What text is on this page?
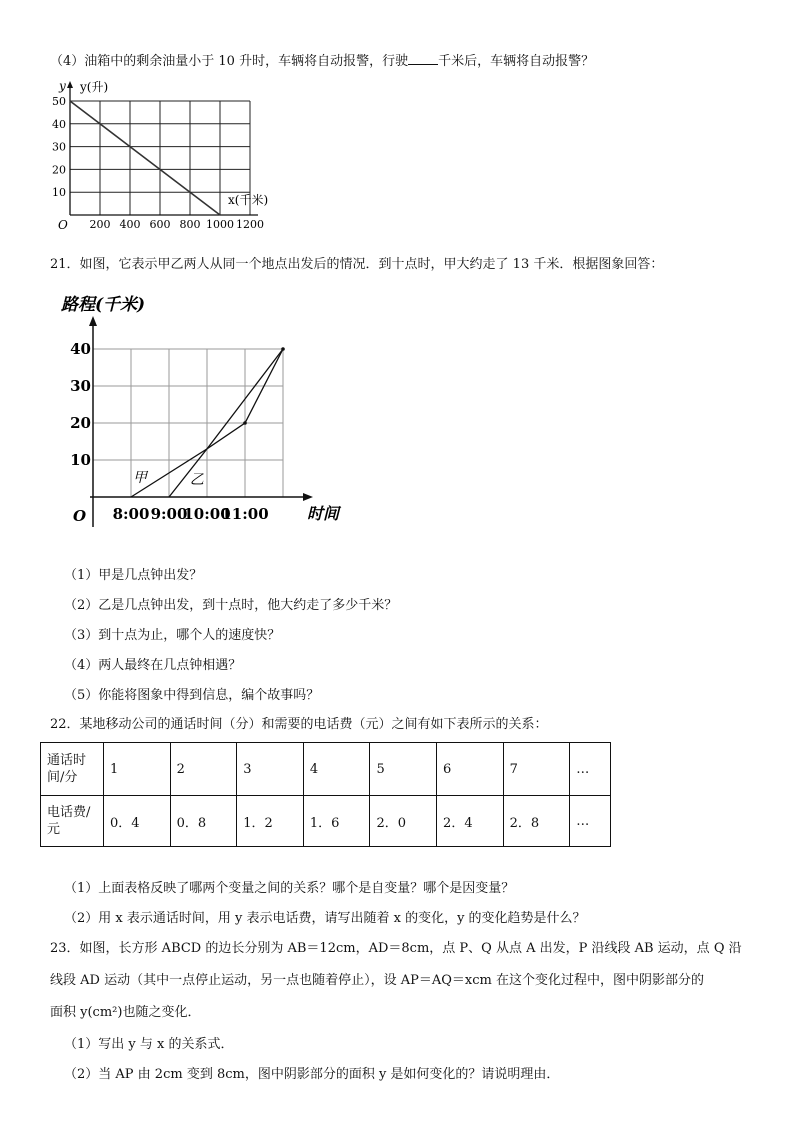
（4）油箱中的剩余油量小于 10 升时，车辆将自动报警，行驶 千米后，车辆将自动报警？
200 400 600 800 1000 1200
50
40
30
20
10
O
y y(升)
x(千米)
21．如图，它表示甲乙两人从同一个地点出发后的情况．到十点时，甲大约走了 13 千米．根据图象回答：
8:00 9:00
10:00
11:00
10
20
30
40
O
路程(千米)
时间
甲	乙
（1）甲是几点钟出发？
（2）乙是几点钟出发，到十点时，他大约走了多少千米？
（3）到十点为止，哪个人的速度快？
（4）两人最终在几点钟相遇？
（5）你能将图象中得到信息，编个故事吗？
22．某地移动公司的通话时间（分）和需要的电话费（元）之间有如下表所示的关系：
通话时间/分	1	2	3	4	5	6	7	…
电话费/元	0．4	0．8	1．2	1．6	2．0	2．4	2．8	…
（1）上面表格反映了哪两个变量之间的关系？哪个是自变量？哪个是因变量？
（2）用 x 表示通话时间，用 y 表示电话费，请写出随着 x 的变化，y 的变化趋势是什么？
23．如图，长方形 ABCD 的边长分别为 AB＝12cm，AD＝8cm，点 P、Q 从点 A 出发，P 沿线段 AB 运动，点 Q 沿
线段 AD 运动（其中一点停止运动，另一点也随着停止），设 AP＝AQ＝xcm 在这个变化过程中，图中阴影部分的
面积 y(cm²)也随之变化．
（1）写出 y 与 x 的关系式．
（2）当 AP 由 2cm 变到 8cm，图中阴影部分的面积 y 是如何变化的？请说明理由．
